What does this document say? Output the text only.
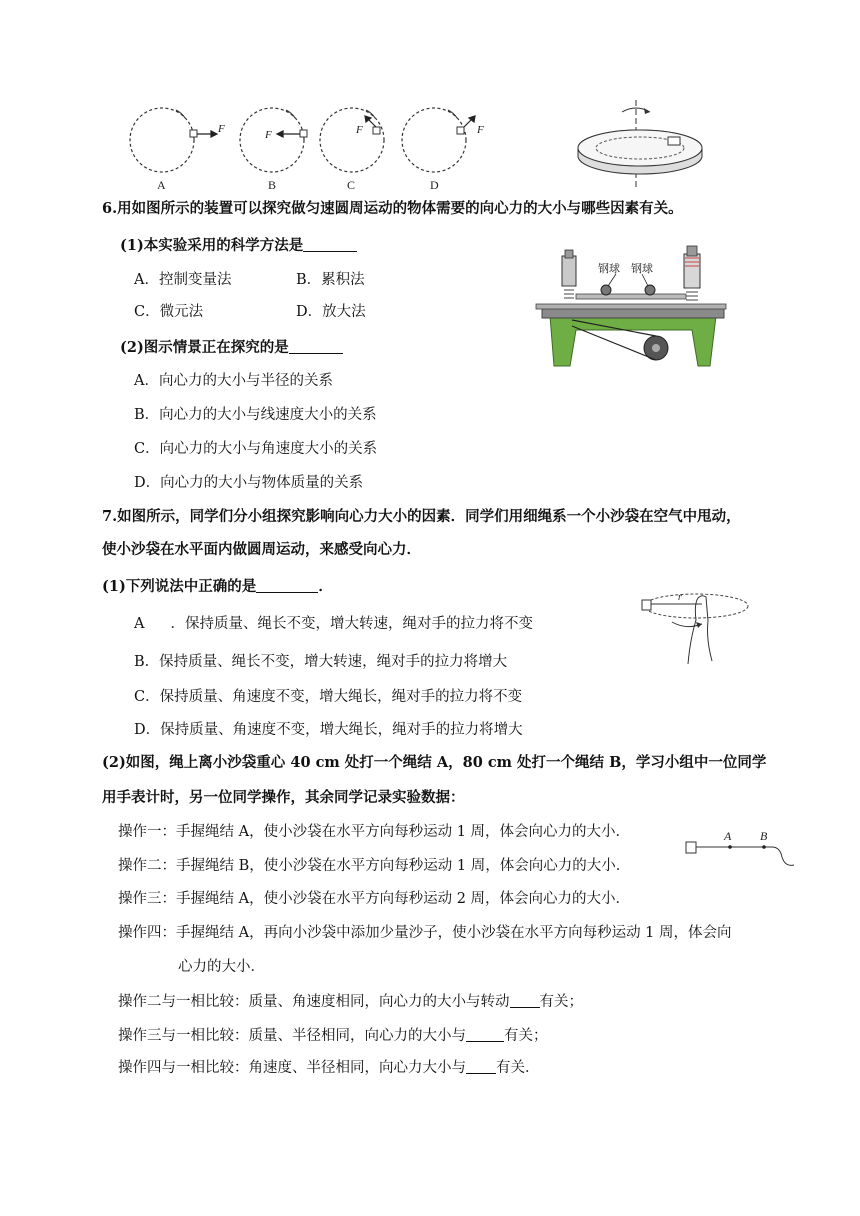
F	F	F	F
A	B	C	D
6.用如图所示的装置可以探究做匀速圆周运动的物体需要的向心力的大小与哪些因素有关。
(1)本实验采用的科学方法是
A．控制变量法	B．累积法
C．微元法	D．放大法
(2)图示情景正在探究的是
A．向心力的大小与半径的关系
B．向心力的大小与线速度大小的关系
C．向心力的大小与角速度大小的关系
D．向心力的大小与物体质量的关系
钢球 钢球
7.如图所示，同学们分小组探究影响向心力大小的因素．同学们用细绳系一个小沙袋在空气中甩动，
使小沙袋在水平面内做圆周运动，来感受向心力．
(1)下列说法中正确的是	．
A ．保持质量、绳长不变，增大转速，绳对手的拉力将不变
B．保持质量、绳长不变，增大转速，绳对手的拉力将增大
C．保持质量、角速度不变，增大绳长，绳对手的拉力将不变
D．保持质量、角速度不变，增大绳长，绳对手的拉力将增大
r
(2)如图，绳上离小沙袋重心 40 cm 处打一个绳结 A，80 cm 处打一个绳结 B，学习小组中一位同学
用手表计时，另一位同学操作，其余同学记录实验数据：
操作一：手握绳结 A，使小沙袋在水平方向每秒运动 1 周，体会向心力的大小．
操作二：手握绳结 B，使小沙袋在水平方向每秒运动 1 周，体会向心力的大小．
操作三：手握绳结 A，使小沙袋在水平方向每秒运动 2 周，体会向心力的大小．
操作四：手握绳结 A，再向小沙袋中添加少量沙子，使小沙袋在水平方向每秒运动 1 周，体会向
心力的大小．
A B
操作二与一相比较：质量、角速度相同，向心力的大小与转动 有关；
操作三与一相比较：质量、半径相同，向心力的大小与	有关；
操作四与一相比较：角速度、半径相同，向心力大小与 有关．
